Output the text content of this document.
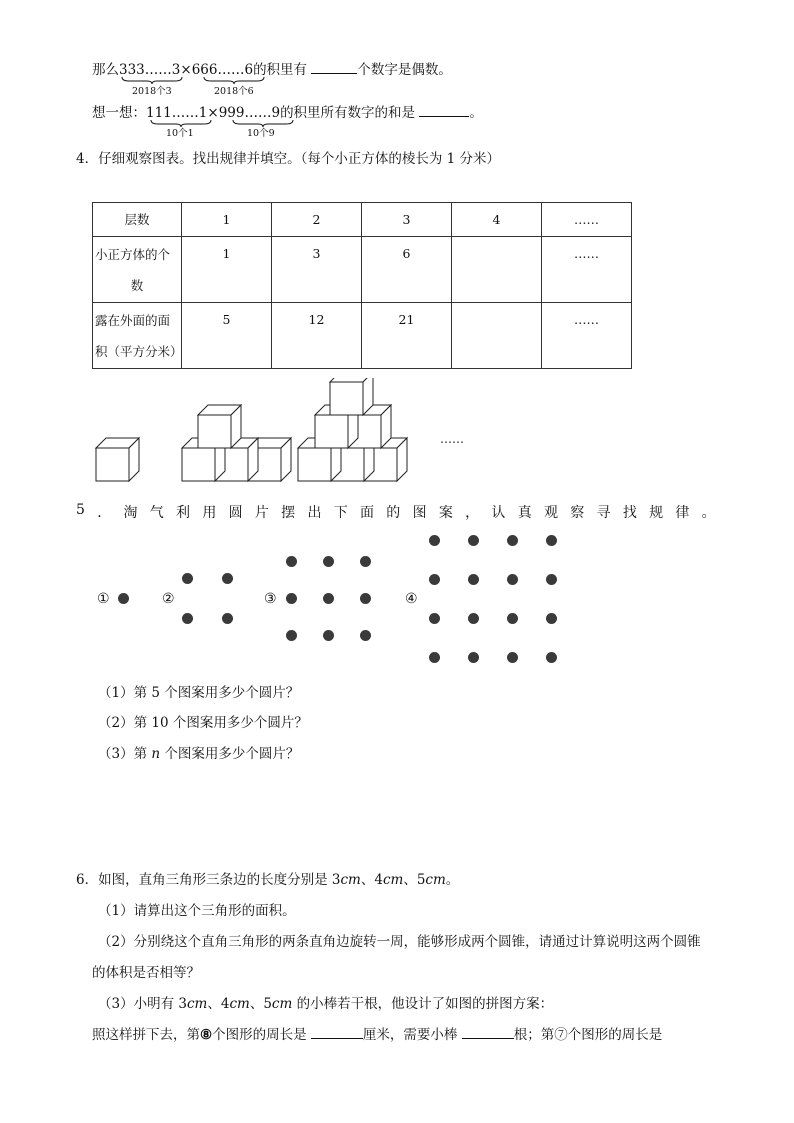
那么333……3×666……6的积里有	个数字是偶数。
2018个3	2018个6
想一想：111……1×999……9的积里所有数字的和是	。
10个1	10个9
4．仔细观察图表。找出规律并填空。（每个小正方体的棱长为 1 分米）
层数	1	2	3	4	……
小正方体的个

数	1	3	6		……
露在外面的面
积（平方分米）	5	12	21		……
……
5 ． 淘 气 利 用 圆 片 摆 出 下 面 的 图 案 ， 认 真 观 察 寻 找 规 律 。
①	②	③	④
（1）第 5 个图案用多少个圆片？
（2）第 10 个图案用多少个圆片？
（3）第 n 个图案用多少个圆片？
6．如图，直角三角形三条边的长度分别是 3cm、4cm、5cm。
（1）请算出这个三角形的面积。
（2）分别绕这个直角三角形的两条直角边旋转一周，能够形成两个圆锥，请通过计算说明这两个圆锥
的体积是否相等？
（3）小明有 3cm、4cm、5cm 的小棒若干根，他设计了如图的拼图方案：
照这样拼下去，第⑧个图形的周长是	厘米，需要小棒	根；第⑦个图形的周长是
